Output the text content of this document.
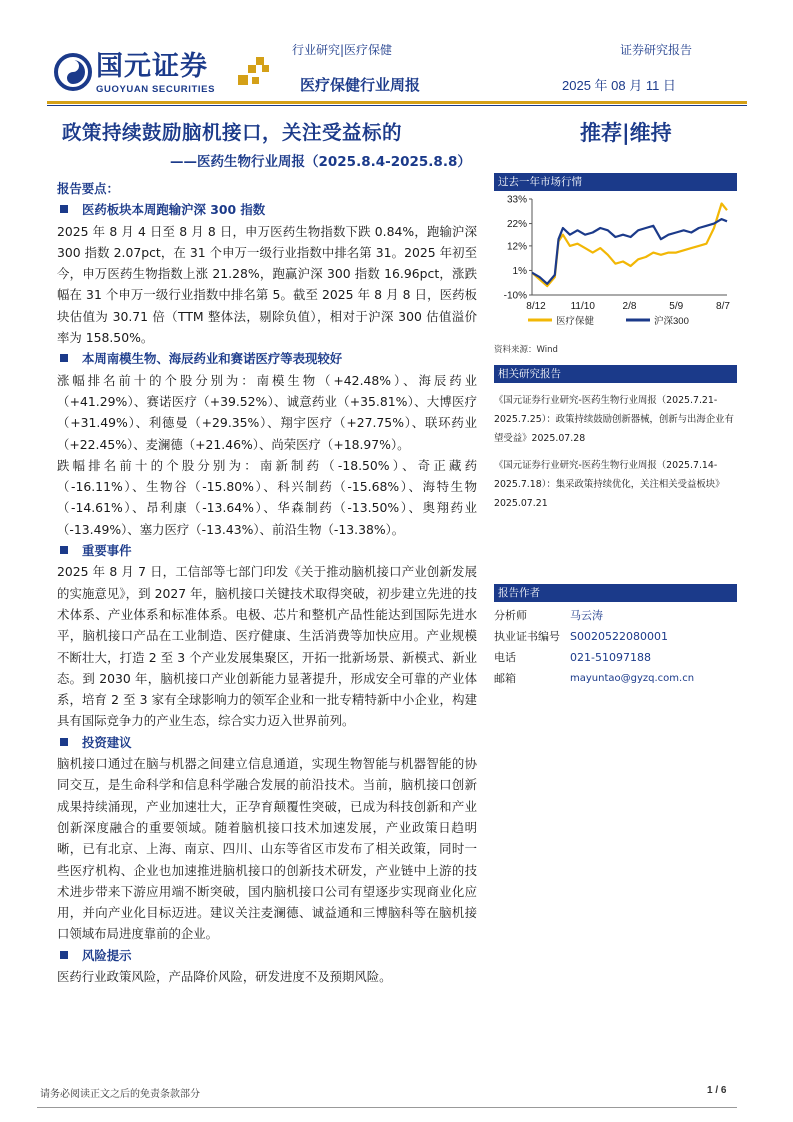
国元证券
GUOYUAN SECURITIES
行业研究|医疗保健	证券研究报告
医疗保健行业周报	2025 年 08 月 11 日
政策持续鼓励脑机接口，关注受益标的
——医药生物行业周报（2025.8.4-2025.8.8）
推荐|维持
报告要点：
医药板块本周跑输沪深 300 指数

2025 年 8 月 4 日至 8 月 8 日，申万医药生物指数下跌 0.84%，跑输沪深 300 指数 2.07pct，在 31 个申万一级行业指数中排名第 31。2025 年初至今，申万医药生物指数上涨 21.28%，跑赢沪深 300 指数 16.96pct，涨跌幅在 31 个申万一级行业指数中排名第 5。截至 2025 年 8 月 8 日，医药板块估值为 30.71 倍（TTM 整体法，剔除负值），相对于沪深 300 估值溢价率为 158.50%。

本周南模生物、海辰药业和赛诺医疗等表现较好

涨幅排名前十的个股分别为：南模生物（+42.48%）、海辰药业（+41.29%）、赛诺医疗（+39.52%）、诚意药业（+35.81%）、大博医疗（+31.49%）、利德曼（+29.35%）、翔宇医疗（+27.75%）、联环药业（+22.45%）、麦澜德（+21.46%）、尚荣医疗（+18.97%）。

跌幅排名前十的个股分别为：南新制药（-18.50%）、奇正藏药（-16.11%）、生物谷（-15.80%）、科兴制药（-15.68%）、海特生物（-14.61%）、昂利康（-13.64%）、华森制药（-13.50%）、奥翔药业（-13.49%）、塞力医疗（-13.43%）、前沿生物（-13.38%）。

重要事件

2025 年 8 月 7 日，工信部等七部门印发《关于推动脑机接口产业创新发展的实施意见》，到 2027 年，脑机接口关键技术取得突破，初步建立先进的技术体系、产业体系和标准体系。电极、芯片和整机产品性能达到国际先进水平，脑机接口产品在工业制造、医疗健康、生活消费等加快应用。产业规模不断壮大，打造 2 至 3 个产业发展集聚区，开拓一批新场景、新模式、新业态。到 2030 年，脑机接口产业创新能力显著提升，形成安全可靠的产业体系，培育 2 至 3 家有全球影响力的领军企业和一批专精特新中小企业，构建具有国际竞争力的产业生态，综合实力迈入世界前列。

投资建议

脑机接口通过在脑与机器之间建立信息通道，实现生物智能与机器智能的协同交互，是生命科学和信息科学融合发展的前沿技术。当前，脑机接口创新成果持续涌现，产业加速壮大，正孕育颠覆性突破，已成为科技创新和产业创新深度融合的重要领域。随着脑机接口技术加速发展，产业政策日趋明晰，已有北京、上海、南京、四川、山东等省区市发布了相关政策，同时一些医疗机构、企业也加速推进脑机接口的创新技术研发，产业链中上游的技术进步带来下游应用端不断突破，国内脑机接口公司有望逐步实现商业化应用，并向产业化目标迈进。建议关注麦澜德、诚益通和三博脑科等在脑机接口领域布局进度靠前的企业。

风险提示

医药行业政策风险，产品降价风险，研发进度不及预期风险。

过去一年市场行情
33%
22%
12%
1%
-10%
8/12 11/10	2/8	5/9	8/7
医疗保健	沪深300
资料来源：Wind
相关研究报告

《国元证券行业研究-医药生物行业周报（2025.7.21-2025.7.25）：政策持续鼓励创新器械，创新与出海企业有望受益》2025.07.28

《国元证券行业研究-医药生物行业周报（2025.7.14-2025.7.18）：集采政策持续优化，关注相关受益板块》2025.07.21

报告作者
分析师	马云涛
执业证书编号 S0020522080001
电话	021-51097188
邮箱	mayuntao@gyzq.com.cn
请务必阅读正文之后的免责条款部分	1 / 6
